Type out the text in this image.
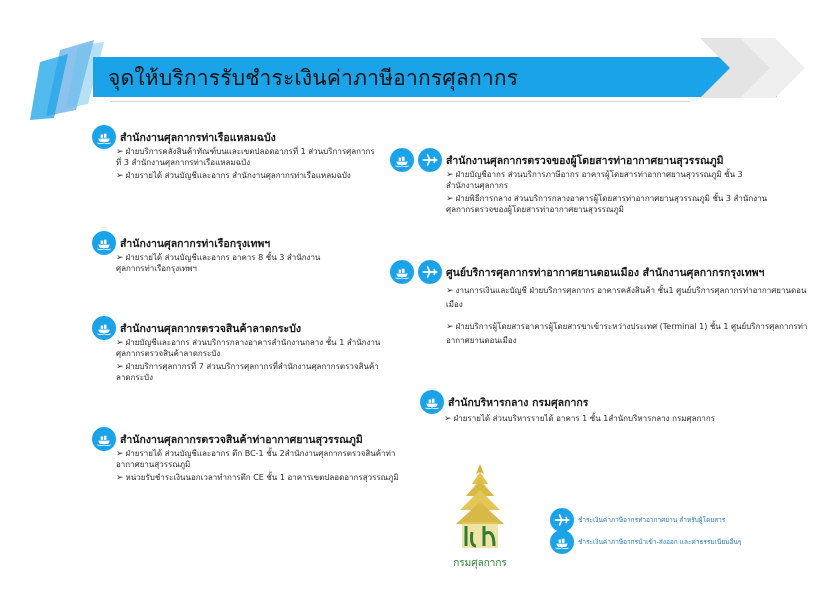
จุดให้บริการรับชำระเงินค่าภาษีอากรศุลกากร
สำนักงานศุลกากรท่าเรือแหลมฉบัง
➢ ฝ่ายบริการคลังสินค้าทัณฑ์บนและเขตปลอดอากรที่ 1 ส่วนบริการศุลกากร
ที่ 3 สำนักงานศุลกากรท่าเรือแหลมฉบัง
➢ ฝ่ายรายได้ ส่วนบัญชีและอากร สำนักงานศุลกากรท่าเรือแหลมฉบัง
สำนักงานศุลกากรท่าเรือกรุงเทพฯ
➢ ฝ่ายรายได้ ส่วนบัญชีและอากร อาคาร 8 ชั้น 3 สำนักงาน
ศุลกากรท่าเรือกรุงเทพฯ
สำนักงานศุลกากรตรวจสินค้าลาดกระบัง
➢ ฝ่ายบัญชีและอากร ส่วนบริการกลางอาคารสำนักงานกลาง ชั้น 1 สำนักงาน
ศุลกากรตรวจสินค้าลาดกระบัง
➢ ฝ่ายบริการศุลกากรที่ 7 ส่วนบริการศุลกากรที่สำนักงานศุลกากรตรวจสินค้า
ลาดกระบัง
สำนักงานศุลกากรตรวจสินค้าท่าอากาศยานสุวรรณภูมิ
➢ ฝ่ายรายได้ ส่วนบัญชีและอากร ตึก BC-1 ชั้น 2สำนักงานศุลกากรตรวจสินค้าท่า
อากาศยานสุวรรณภูมิ
➢ หน่วยรับชำระเงินนอกเวลาทำการตึก CE ชั้น 1 อาคารเขตปลอดอากรสุวรรณภูมิ
สำนักงานศุลกากรตรวจของผู้โดยสารท่าอากาศยานสุวรรณภูมิ
➢ ฝ่ายบัญชีอากร ส่วนบริการภาษีอากร อาคารผู้โดยสารท่าอากาศยานสุวรรณภูมิ ชั้น 3
สำนักงานศุลกากร
➢ ฝ่ายพิธีการกลาง ส่วนบริการกลางอาคารผู้โดยสารท่าอากาศยานสุวรรณภูมิ ชั้น 3 สำนักงาน
ศุลกากรตรวจของผู้โดยสารท่าอากาศยานสุวรรณภูมิ
ศูนย์บริการศุลกากรท่าอากาศยานดอนเมือง สำนักงานศุลกากรกรุงเทพฯ
➢ งานการเงินและบัญชี ฝ่ายบริการศุลกากร อาคารคลังสินค้า ชั้น1 ศูนย์บริการศุลกากรท่าอากาศยานดอน
เมือง
➢ ฝ่ายบริการผู้โดยสารอาคารผู้โดยสารขาเข้าระหว่างประเทศ (Terminal 1) ชั้น 1 ศูนย์บริการศุลกากรท่า
อากาศยานดอนเมือง
สำนักบริหารกลาง กรมศุลกากร
➢ ฝ่ายรายได้ ส่วนบริหารรายได้ อาคาร 1 ชั้น 1สำนักบริหารกลาง กรมศุลกากร
กรมศุลกากร
ชำระเงินค่าภาษีอากรท่าอากาศยาน สำหรับผู้โดยสาร
ชำระเงินค่าภาษีอากรนำเข้า-ส่งออก และค่าธรรมเนียมอื่นๆ
